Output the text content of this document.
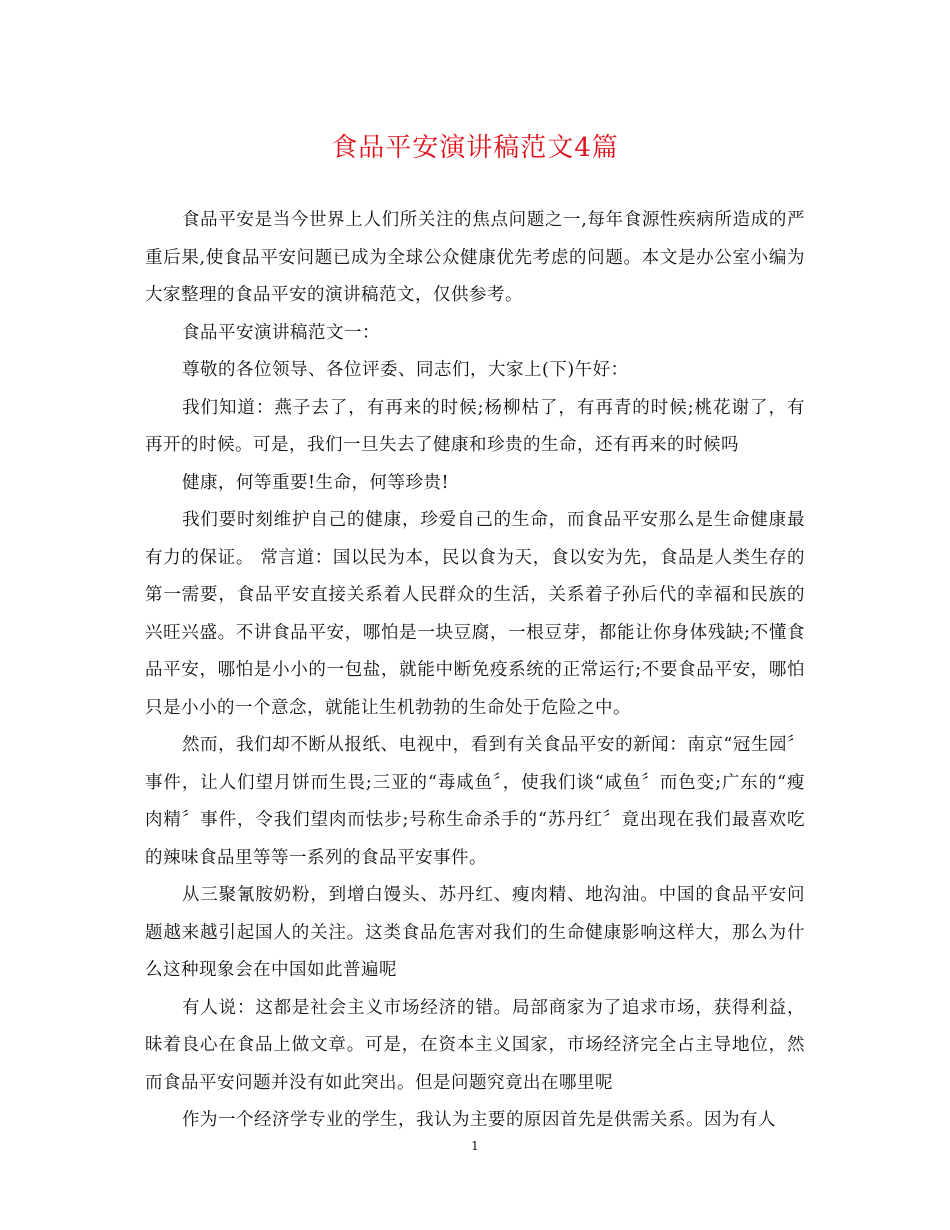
食品平安演讲稿范文4篇

食品平安是当今世界上人们所关注的焦点问题之一,每年食源性疾病所造成的严重后果,使食品平安问题已成为全球公众健康优先考虑的问题。本文是办公室小编为大家整理的食品平安的演讲稿范文，仅供参考。

食品平安演讲稿范文一：

尊敬的各位领导、各位评委、同志们，大家上(下)午好：

我们知道：燕子去了，有再来的时候;杨柳枯了，有再青的时候;桃花谢了，有再开的时候。可是，我们一旦失去了健康和珍贵的生命，还有再来的时候吗

健康，何等重要!生命，何等珍贵!

我们要时刻维护自己的健康，珍爱自己的生命，而食品平安那么是生命健康最有力的保证。 常言道：国以民为本，民以食为天，食以安为先，食品是人类生存的第一需要，食品平安直接关系着人民群众的生活，关系着子孙后代的幸福和民族的兴旺兴盛。不讲食品平安，哪怕是一块豆腐，一根豆芽，都能让你身体残缺;不懂食品平安，哪怕是小小的一包盐，就能中断免疫系统的正常运行;不要食品平安，哪怕只是小小的一个意念，就能让生机勃勃的生命处于危险之中。

然而，我们却不断从报纸、电视中，看到有关食品平安的新闻：南京“冠生园〞事件，让人们望月饼而生畏;三亚的“毒咸鱼〞，使我们谈“咸鱼〞而色变;广东的“瘦肉精〞事件，令我们望肉而怯步;号称生命杀手的“苏丹红〞竟出现在我们最喜欢吃的辣味食品里等等一系列的食品平安事件。

从三聚氰胺奶粉，到增白馒头、苏丹红、瘦肉精、地沟油。中国的食品平安问题越来越引起国人的关注。这类食品危害对我们的生命健康影响这样大，那么为什么这种现象会在中国如此普遍呢

有人说：这都是社会主义市场经济的错。局部商家为了追求市场，获得利益，昧着良心在食品上做文章。可是，在资本主义国家，市场经济完全占主导地位，然而食品平安问题并没有如此突出。但是问题究竟出在哪里呢

作为一个经济学专业的学生，我认为主要的原因首先是供需关系。因为有人

1
